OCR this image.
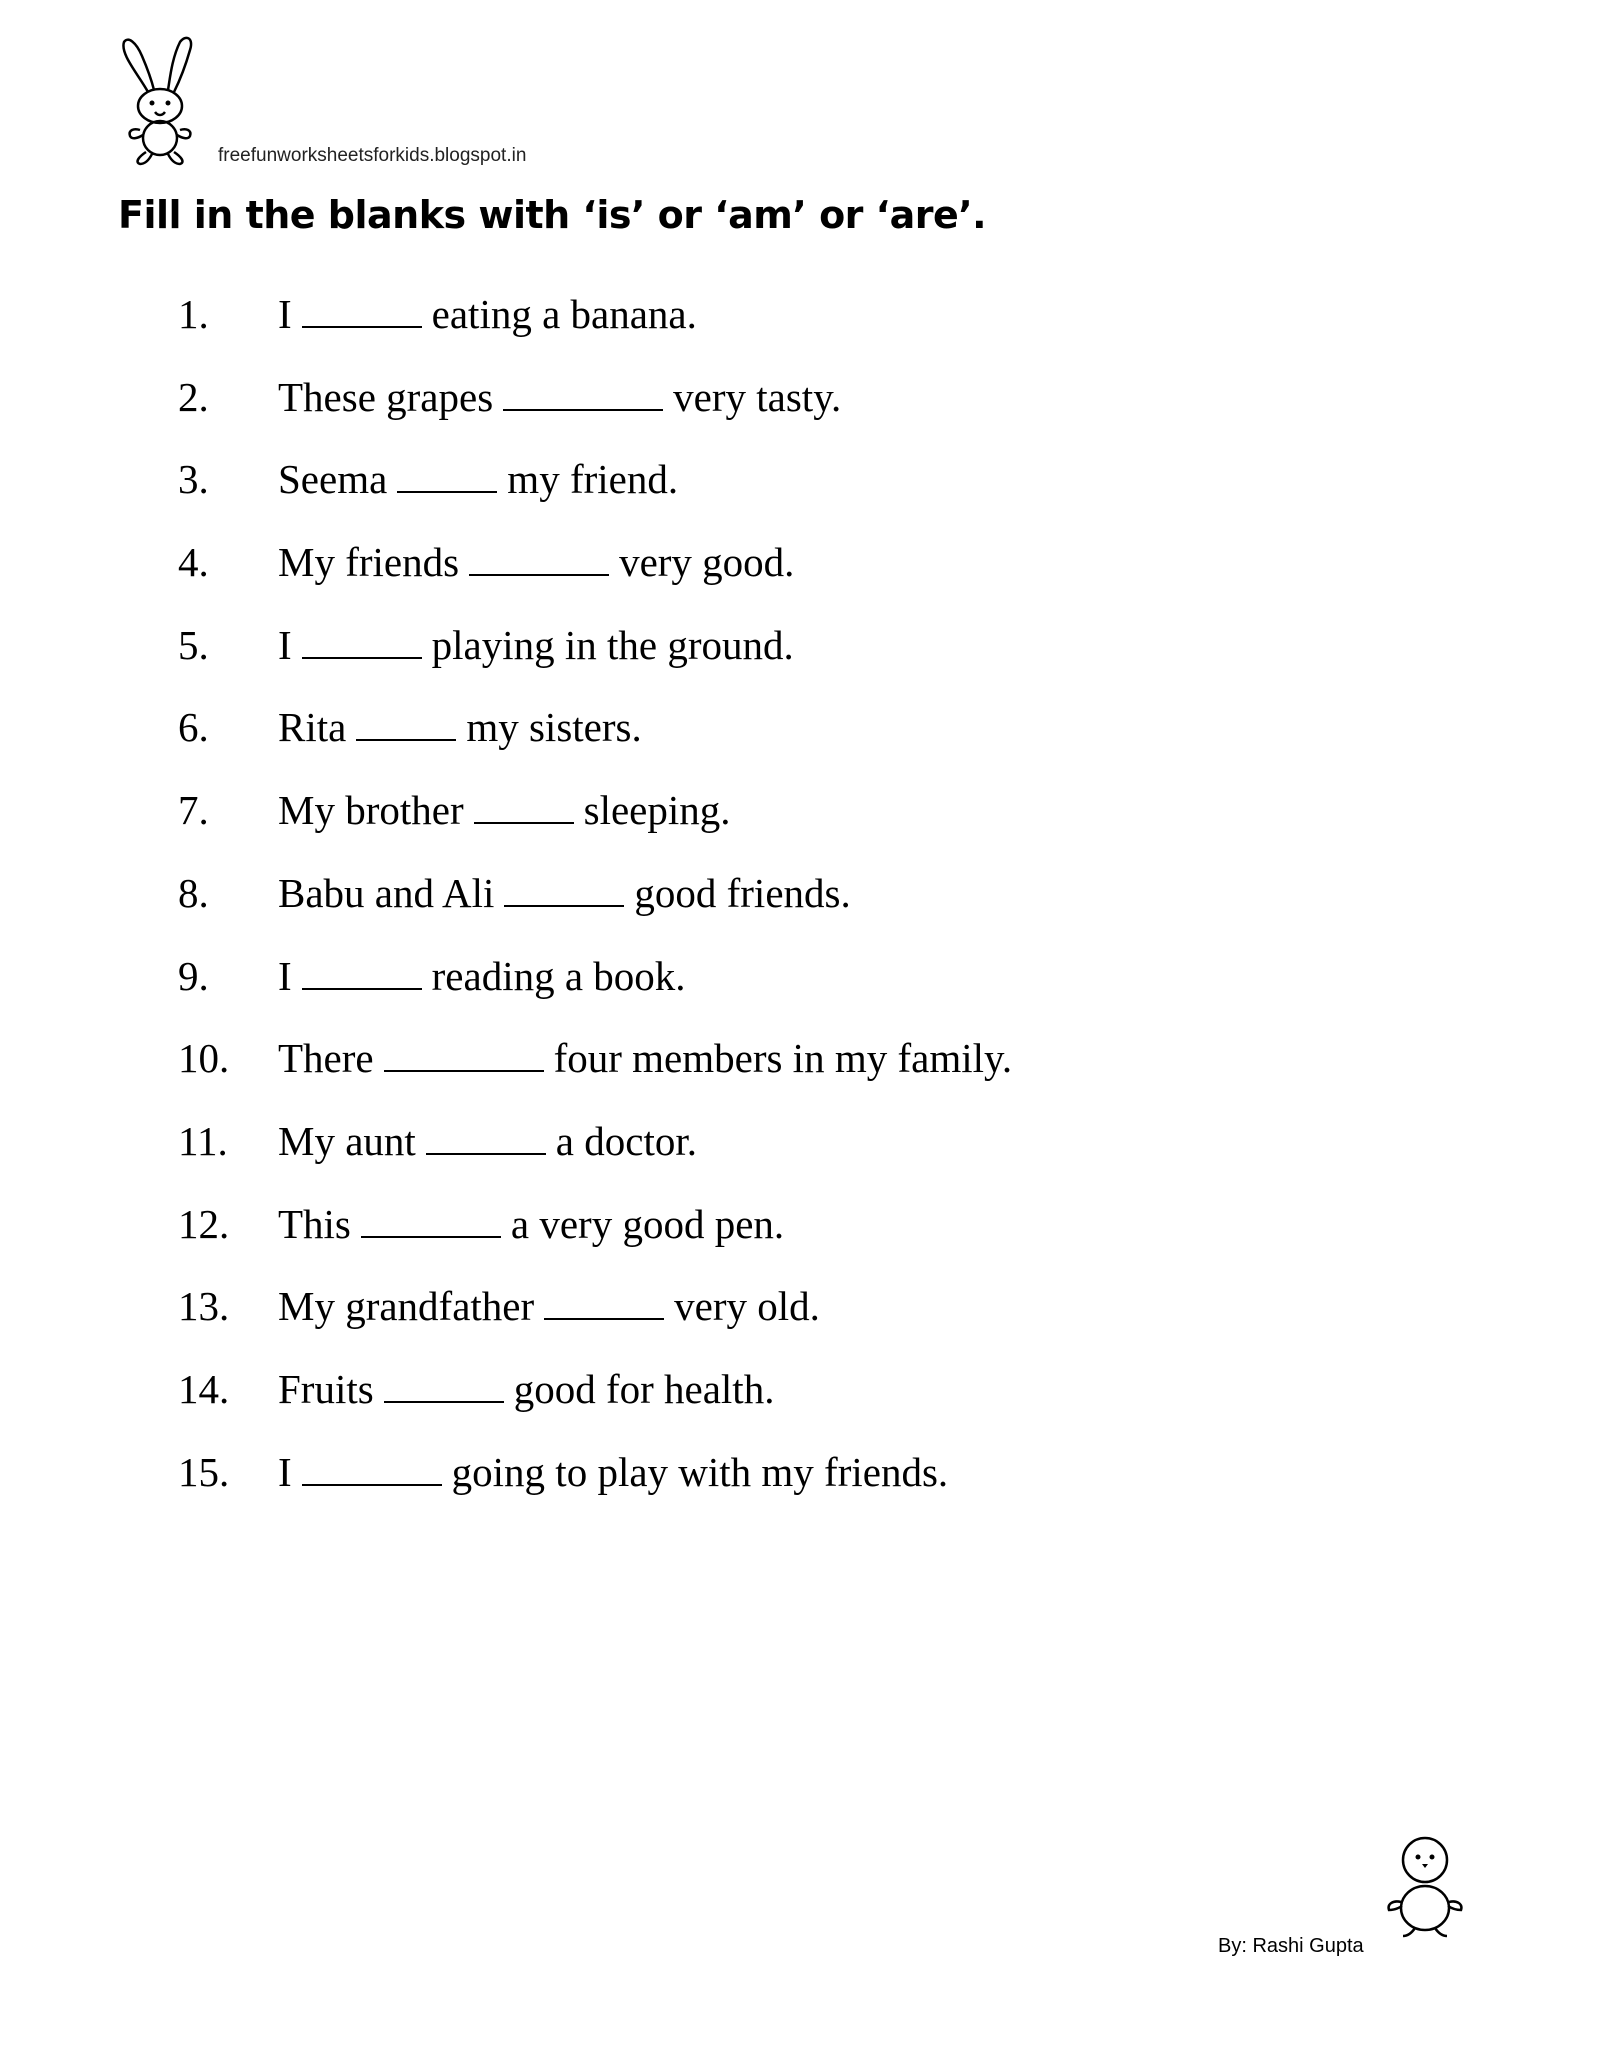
freefunworksheetsforkids.blogspot.in
Fill in the blanks with ‘is’ or ‘am’ or ‘are’.
1.	I	eating a banana.
2.	These grapes	very tasty.
3.	Seema	my friend.
4.	My friends	very good.
5.	I	playing in the ground.
6.	Rita	my sisters.
7.	My brother	sleeping.
8.	Babu and Ali	good friends.
9.	I	reading a book.
10.	There	four members in my family.
11.	My aunt	a doctor.
12.	This	a very good pen.
13.	My grandfather	very old.
14.	Fruits	good for health.
15.	I	going to play with my friends.
By: Rashi Gupta
